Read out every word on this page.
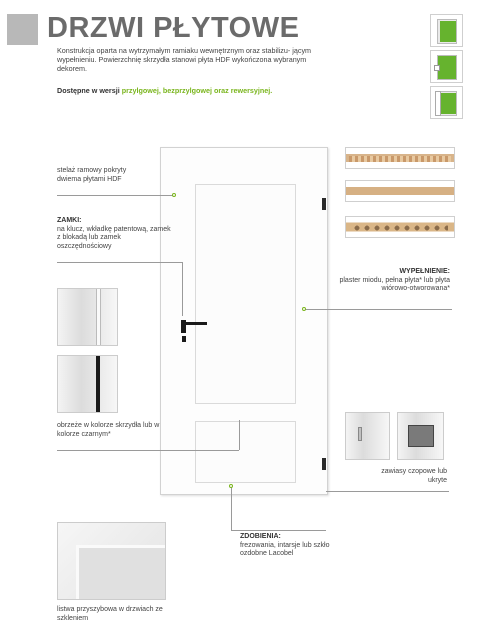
DRZWI PŁYTOWE
Konstrukcja oparta na wytrzymałym ramiaku wewnętrznym oraz stabilizu- jącym wypełnieniu. Powierzchnię skrzydła stanowi płyta HDF wykończona wybranym dekorem.
Dostępne w wersji przylgowej, bezprzylgowej oraz rewersyjnej.
stelaż ramowy pokryty dwiema płytami HDF
ZAMKI:
na klucz, wkładkę patentową, zamek z blokadą lub zamek oszczędnościowy
WYPEŁNIENIE:
plaster miodu, pełna płyta* lub płyta wiórowo-otworowana*
obrzeże w kolorze skrzydła lub w kolorze czarnym*
zawiasy czopowe lub ukryte
ZDOBIENIA:
frezowania, intarsje lub szkło ozdobne Lacobel
listwa przyszybowa w drzwiach ze szkleniem
